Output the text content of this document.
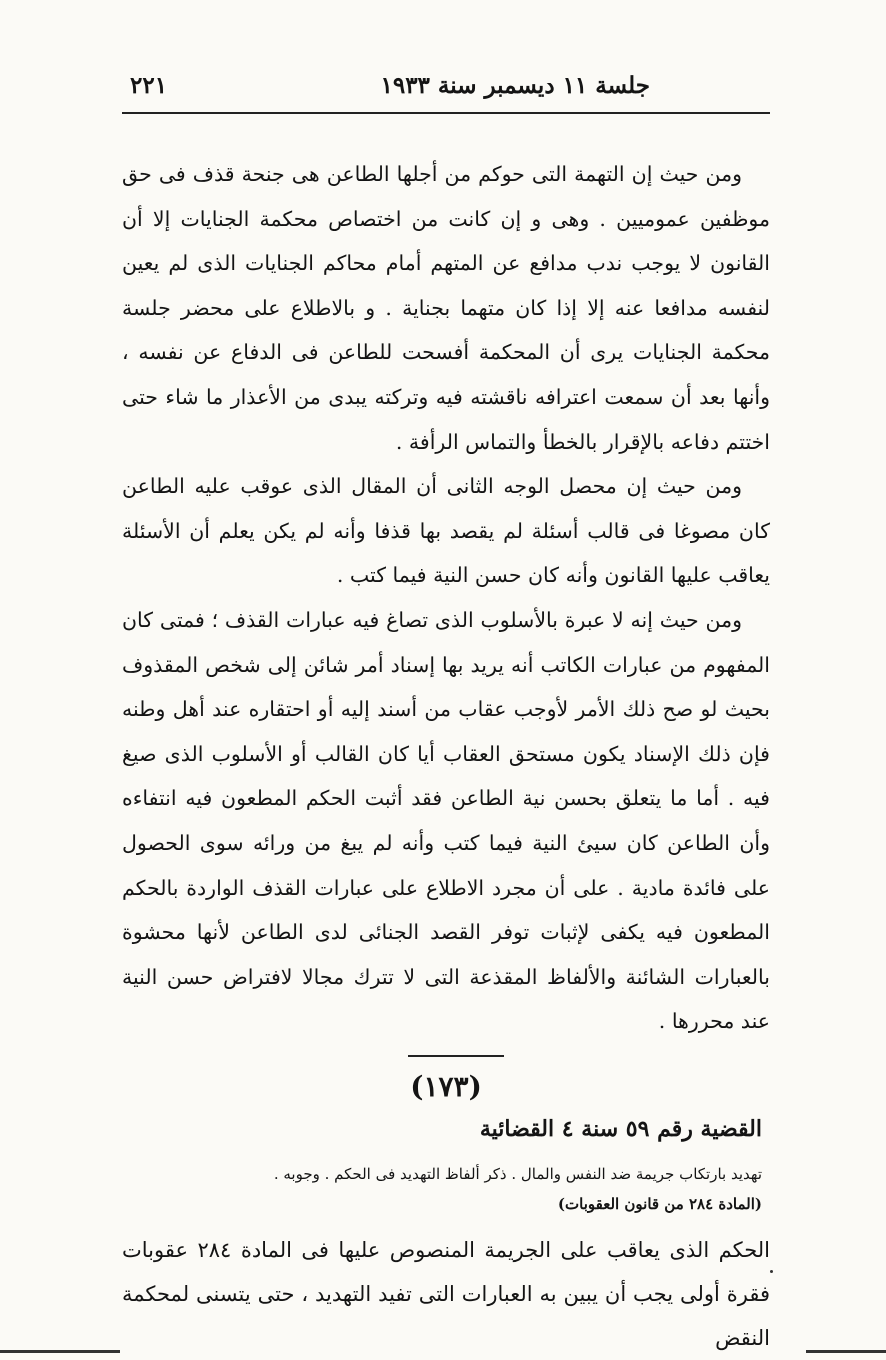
جلسة ١١ ديسمبر سنة ١٩٣٣
٢٢١

ومن حيث إن التهمة التى حوكم من أجلها الطاعن هى جنحة قذف فى حق موظفين عموميين . وهى و إن كانت من اختصاص محكمة الجنايات إلا أن القانون لا يوجب ندب مدافع عن المتهم أمام محاكم الجنايات الذى لم يعين لنفسه مدافعا عنه إلا إذا كان متهما بجناية . و بالاطلاع على محضر جلسة محكمة الجنايات يرى أن المحكمة أفسحت للطاعن فى الدفاع عن نفسه ، وأنها بعد أن سمعت اعترافه ناقشته فيه وتركته يبدى من الأعذار ما شاء حتى اختتم دفاعه بالإقرار بالخطأ والتماس الرأفة .

ومن حيث إن محصل الوجه الثانى أن المقال الذى عوقب عليه الطاعن كان مصوغا فى قالب أسئلة لم يقصد بها قذفا وأنه لم يكن يعلم أن الأسئلة يعاقب عليها القانون وأنه كان حسن النية فيما كتب .

ومن حيث إنه لا عبرة بالأسلوب الذى تصاغ فيه عبارات القذف ؛ فمتى كان المفهوم من عبارات الكاتب أنه يريد بها إسناد أمر شائن إلى شخص المقذوف بحيث لو صح ذلك الأمر لأوجب عقاب من أسند إليه أو احتقاره عند أهل وطنه فإن ذلك الإسناد يكون مستحق العقاب أيا كان القالب أو الأسلوب الذى صيغ فيه . أما ما يتعلق بحسن نية الطاعن فقد أثبت الحكم المطعون فيه انتفاءه وأن الطاعن كان سيئ النية فيما كتب وأنه لم يبغ من ورائه سوى الحصول على فائدة مادية . على أن مجرد الاطلاع على عبارات القذف الواردة بالحكم المطعون فيه يكفى لإثبات توفر القصد الجنائى لدى الطاعن لأنها محشوة بالعبارات الشائنة والألفاظ المقذعة التى لا تترك مجالا لافتراض حسن النية عند محررها .

(١٧٣)
القضية رقم ٥٩ سنة ٤ القضائية
تهديد بارتكاب جريمة ضد النفس والمال . ذكر ألفاظ التهديد فى الحكم . وجوبه .
(المادة ٢٨٤ من قانون العقوبات)

الحكم الذى يعاقب على الجريمة المنصوص عليها فى المادة ٢٨٤ عقوبات فقرة أولى يجب أن يبين به العبارات التى تفيد التهديد ، حتى يتسنى لمحكمة النقض
